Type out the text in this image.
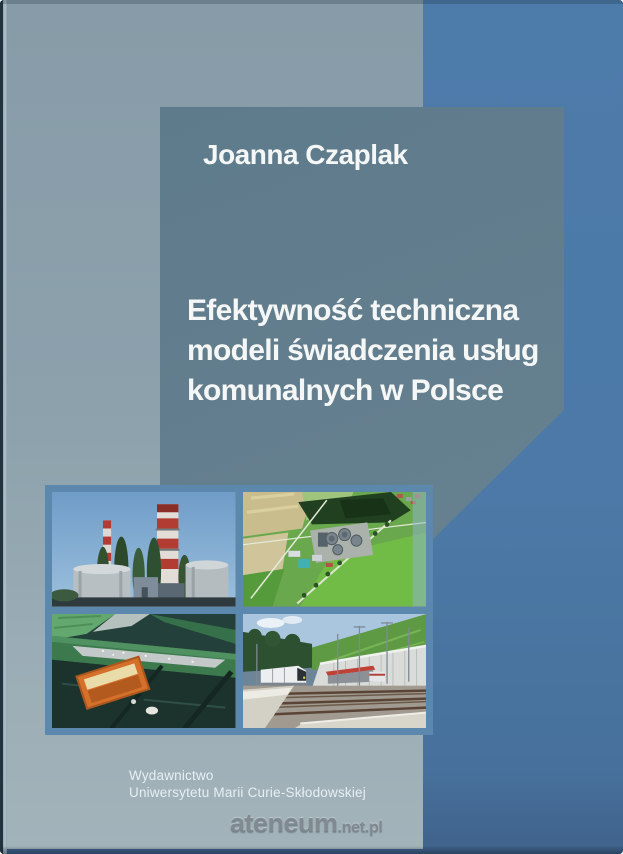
Joanna Czaplak
Efektywność techniczna
modeli świadczenia usług
komunalnych w Polsce
Wydawnictwo
Uniwersytetu Marii Curie-Skłodowskiej
ateneum .net.pl
